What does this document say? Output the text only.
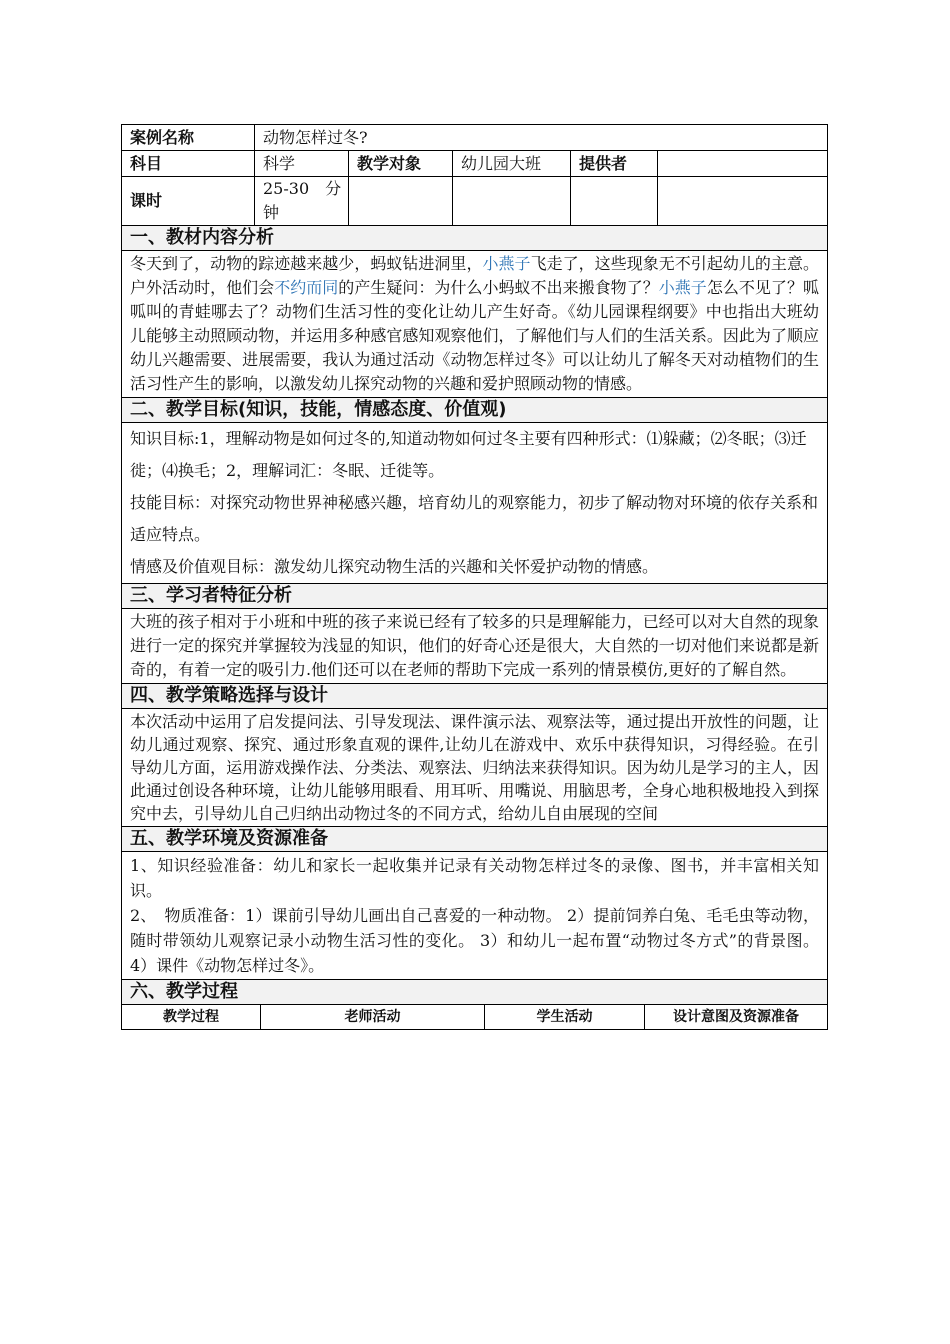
案例名称	动物怎样过冬?				
科目	科学	教学对象	幼儿园大班	提供者	
课时	25-30　分钟				
一、教材内容分析					
冬天到了，动物的踪迹越来越少，蚂蚁钻进洞里，小燕子飞走了，这些现象无不引起幼儿的主意。户外活动时，他们会不约而同的产生疑问：为什么小蚂蚁不出来搬食物了？小燕子怎么不见了？呱呱叫的青蛙哪去了？动物们生活习性的变化让幼儿产生好奇。《幼儿园课程纲要》中也指出大班幼儿能够主动照顾动物，并运用多种感官感知观察他们，了解他们与人们的生活关系。因此为了顺应幼儿兴趣需要、进展需要，我认为通过活动《动物怎样过冬》可以让幼儿了解冬天对动植物们的生活习性产生的影响，以激发幼儿探究动物的兴趣和爱护照顾动物的情感。					
二、教学目标(知识，技能，情感态度、价值观)					

知识目标:1，理解动物是如何过冬的,知道动物如何过冬主要有四种形式：⑴躲藏；⑵冬眠；⑶迁徙；⑷换毛；2，理解词汇：冬眠、迁徙等。

技能目标：对探究动物世界神秘感兴趣，培育幼儿的观察能力，初步了解动物对环境的依存关系和适应特点。

情感及价值观目标：激发幼儿探究动物生活的兴趣和关怀爱护动物的情感。					

三、学习者特征分析					
大班的孩子相对于小班和中班的孩子来说已经有了较多的只是理解能力，已经可以对大自然的现象进行一定的探究并掌握较为浅显的知识，他们的好奇心还是很大，大自然的一切对他们来说都是新奇的，有着一定的吸引力.他们还可以在老师的帮助下完成一系列的情景模仿,更好的了解自然。					
四、教学策略选择与设计					
本次活动中运用了启发提问法、引导发现法、课件演示法、观察法等，通过提出开放性的问题，让幼儿通过观察、探究、通过形象直观的课件,让幼儿在游戏中、欢乐中获得知识，习得经验。在引导幼儿方面，运用游戏操作法、分类法、观察法、归纳法来获得知识。因为幼儿是学习的主人，因此通过创设各种环境，让幼儿能够用眼看、用耳听、用嘴说、用脑思考，全身心地积极地投入到探究中去，引导幼儿自己归纳出动物过冬的不同方式，给幼儿自由展现的空间					
五、教学环境及资源准备					

1、知识经验准备：幼儿和家长一起收集并记录有关动物怎样过冬的录像、图书，并丰富相关知识。

2、　物质准备：1）课前引导幼儿画出自己喜爱的一种动物。 2）提前饲养白兔、毛毛虫等动物，随时带领幼儿观察记录小动物生活习性的变化。 3）和幼儿一起布置“动物过冬方式”的背景图。 4）课件《动物怎样过冬》。					

六、教学过程					
教学过程	老师活动	学生活动	设计意图及资源准备
